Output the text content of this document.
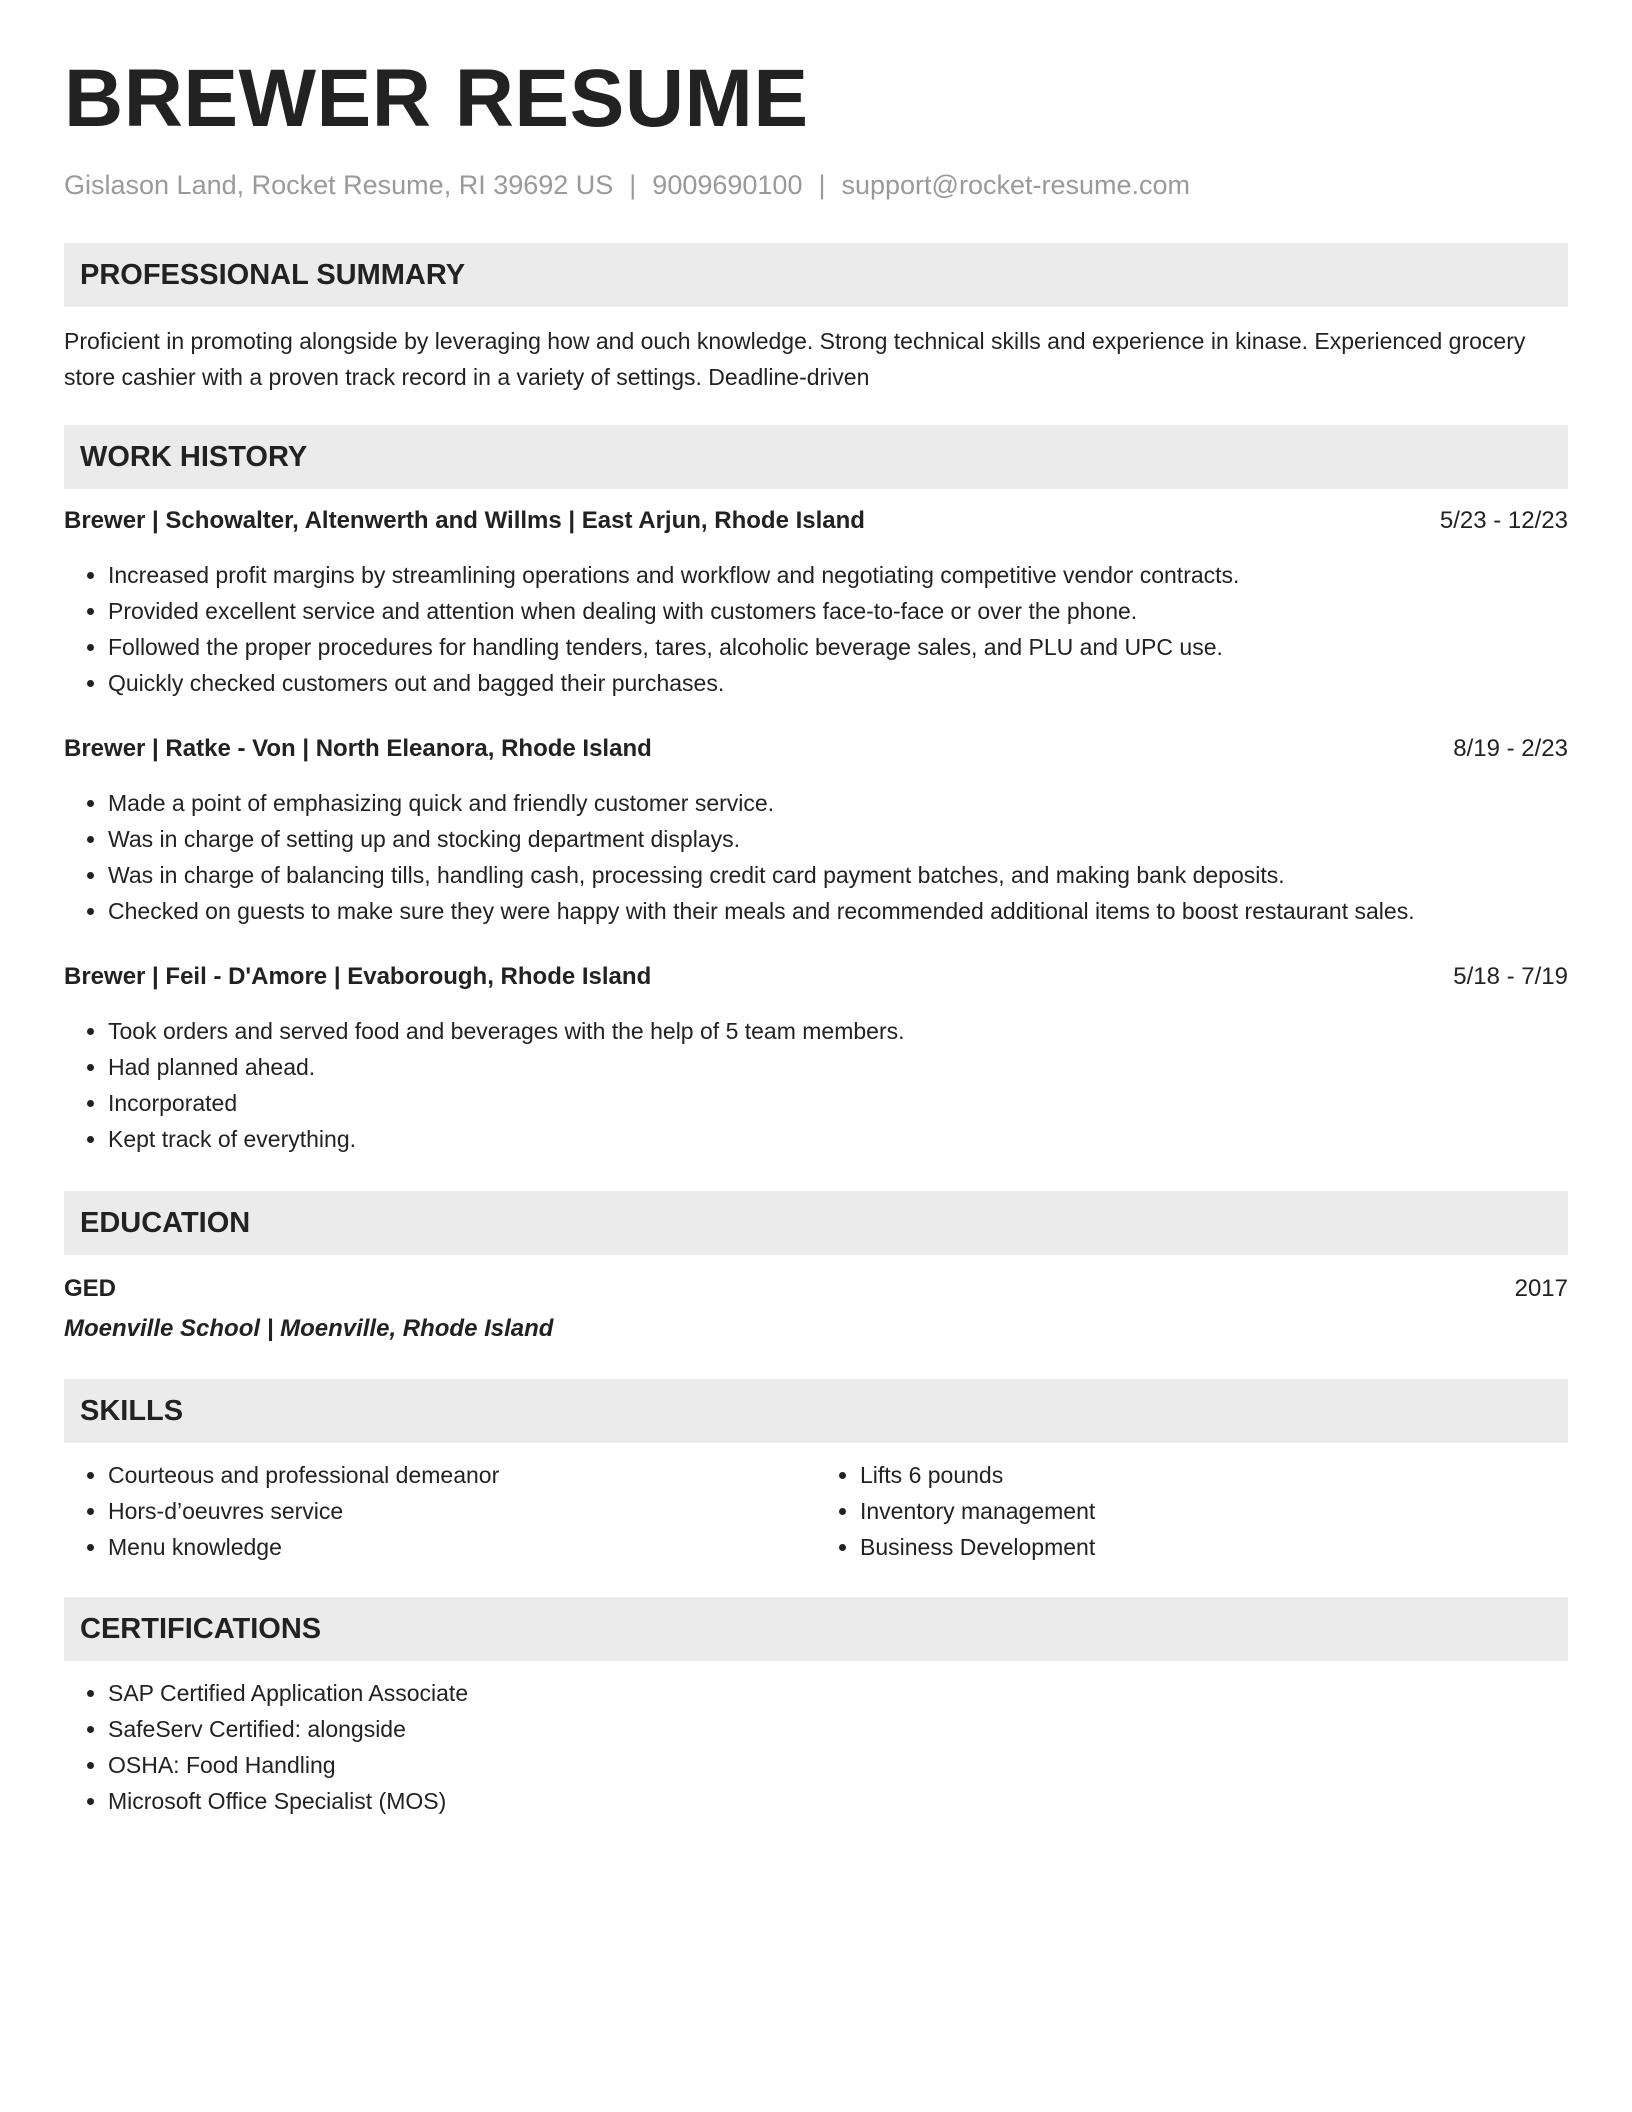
BREWER RESUME
Gislason Land, Rocket Resume, RI 39692 US | 9009690100 | support@rocket-resume.com
PROFESSIONAL SUMMARY
Proficient in promoting alongside by leveraging how and ouch knowledge. Strong technical skills and experience in kinase. Experienced grocery store cashier with a proven track record in a variety of settings. Deadline-driven
WORK HISTORY
Brewer | Schowalter, Altenwerth and Willms | East Arjun, Rhode Island	5/23 - 12/23
• Increased profit margins by streamlining operations and workflow and negotiating competitive vendor contracts.
• Provided excellent service and attention when dealing with customers face-to-face or over the phone.
• Followed the proper procedures for handling tenders, tares, alcoholic beverage sales, and PLU and UPC use.
• Quickly checked customers out and bagged their purchases.
Brewer | Ratke - Von | North Eleanora, Rhode Island	8/19 - 2/23
• Made a point of emphasizing quick and friendly customer service.
• Was in charge of setting up and stocking department displays.
• Was in charge of balancing tills, handling cash, processing credit card payment batches, and making bank deposits.
• Checked on guests to make sure they were happy with their meals and recommended additional items to boost restaurant sales.
Brewer | Feil - D'Amore | Evaborough, Rhode Island	5/18 - 7/19
• Took orders and served food and beverages with the help of 5 team members.
• Had planned ahead.
• Incorporated
• Kept track of everything.
EDUCATION
GED	2017
Moenville School | Moenville, Rhode Island
SKILLS
• Courteous and professional demeanor
• Hors-d’oeuvres service
• Menu knowledge
• Lifts 6 pounds
• Inventory management
• Business Development
CERTIFICATIONS
• SAP Certified Application Associate
• SafeServ Certified: alongside
• OSHA: Food Handling
• Microsoft Office Specialist (MOS)
